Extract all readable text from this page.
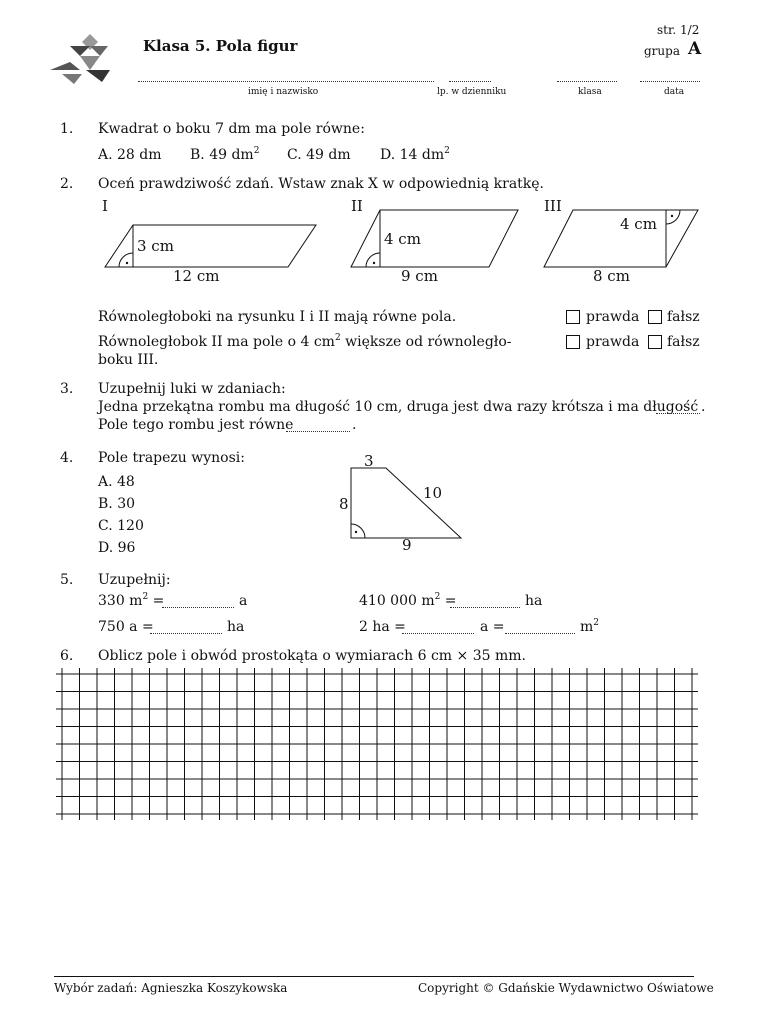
Klasa 5. Pola figur
str. 1/2
grupa A
imię i nazwisko	lp. w dzienniku	klasa	data
1. Kwadrat o boku 7 dm ma pole równe:
A. 28 dm B. 49 $dm^2$ C. 49 dm D. 14 $dm^2$
2. Oceń prawdziwość zdań. Wstaw znak X w odpowiednią kratkę.
I
3 cm
12 cm
II
4 cm
9 cm
III
4 cm
8 cm
Równoległoboki na rysunku I i II mają równe pola.	prawda fałsz
Równoległobok II ma pole o 4 $cm^2$ większe od równoległo-
boku III.
prawda fałsz
3. Uzupełnij luki w zdaniach:
Jedna przekątna rombu ma długość 10 cm, druga jest dwa razy krótsza i ma długość .
Pole tego rombu jest równe	.
4. Pole trapezu wynosi:
A. 48
B. 30
C. 120
D. 96
3
10
8
9
5. Uzupełnij:
330 $m^2$ =	a	410 000 $m^2$ =	ha
750 a =	ha	2 ha =	a =	$m^2$
6. Oblicz pole i obwód prostokąta o wymiarach 6 cm × 35 mm.
Wybór zadań: Agnieszka Koszykowska	Copyright © Gdańskie Wydawnictwo Oświatowe
